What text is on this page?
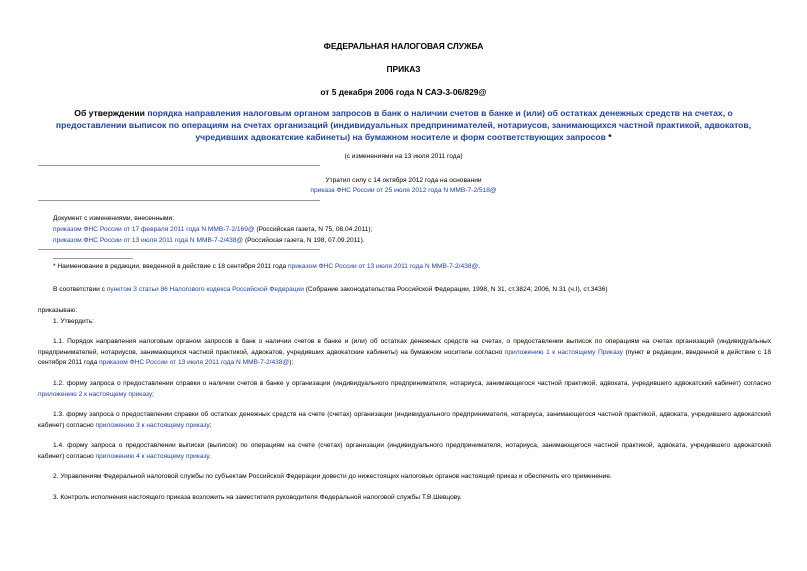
ФЕДЕРАЛЬНАЯ НАЛОГОВАЯ СЛУЖБА
ПРИКАЗ
от 5 декабря 2006 года N САЭ-3-06/829@
Об утверждении порядка направления налоговым органом запросов в банк о наличии счетов в банке и (или) об остатках денежных средств на счетах, о предоставлении выписок по операциям на счетах организаций (индивидуальных предпринимателей, нотариусов, занимающихся частной практикой, адвокатов, учредивших адвокатские кабинеты) на бумажном носителе и форм соответствующих запросов *
(с изменениями на 13 июля 2011 года)
Утратил силу с 14 октября 2012 года на основании
приказа ФНС России от 25 июля 2012 года N ММВ-7-2/518@
Документ с изменениями, внесенными:
приказом ФНС России от 17 февраля 2011 года N ММВ-7-2/169@ (Российская газета, N 75, 08.04.2011);
приказом ФНС России от 13 июля 2011 года N ММВ-7-2/438@ (Российская газета, N 198, 07.09.2011).
* Наименование в редакции, введенной в действие с 18 сентября 2011 года приказом ФНС России от 13 июля 2011 года N ММВ-7-2/438@.
В соответствии с пунктом 3 статьи 86 Налогового кодекса Российской Федерации (Собрание законодательства Российской Федерации, 1998, N 31, ст.3824; 2006, N 31 (ч.I), ст.3436)
приказываю:
1. Утвердить:
1.1. Порядок направления налоговым органом запросов в банк о наличии счетов в банке и (или) об остатках денежных средств на счетах, о предоставлении выписок по операциям на счетах организаций (индивидуальных предпринимателей, нотариусов, занимающихся частной практикой, адвокатов, учредивших адвокатские кабинеты) на бумажном носителе согласно приложению 1 к настоящему Приказу (пункт в редакции, введенной в действие с 18 сентября 2011 года приказом ФНС России от 13 июля 2011 года N ММВ-7-2/438@);
1.2. форму запроса о предоставлении справки о наличии счетов в банке у организации (индивидуального предпринимателя, нотариуса, занимающегося частной практикой, адвоката, учредившего адвокатский кабинет) согласно приложению 2 к настоящему приказу;
1.3. форму запроса о предоставлении справки об остатках денежных средств на счете (счетах) организации (индивидуального предпринимателя, нотариуса, занимающегося частной практикой, адвоката, учредившего адвокатский кабинет) согласно приложению 3 к настоящему приказу;
1.4. форму запроса о предоставлении выписки (выписок) по операциям на счете (счетах) организации (индивидуального предпринимателя, нотариуса, занимающегося частной практикой, адвоката, учредившего адвокатский кабинет) согласно приложению 4 к настоящему приказу.
2. Управлениям Федеральной налоговой службы по субъектам Российской Федерации довести до нижестоящих налоговых органов настоящий приказ и обеспечить его применение.
3. Контроль исполнения настоящего приказа возложить на заместителя руководителя Федеральной налоговой службы Т.В.Шевцову.
